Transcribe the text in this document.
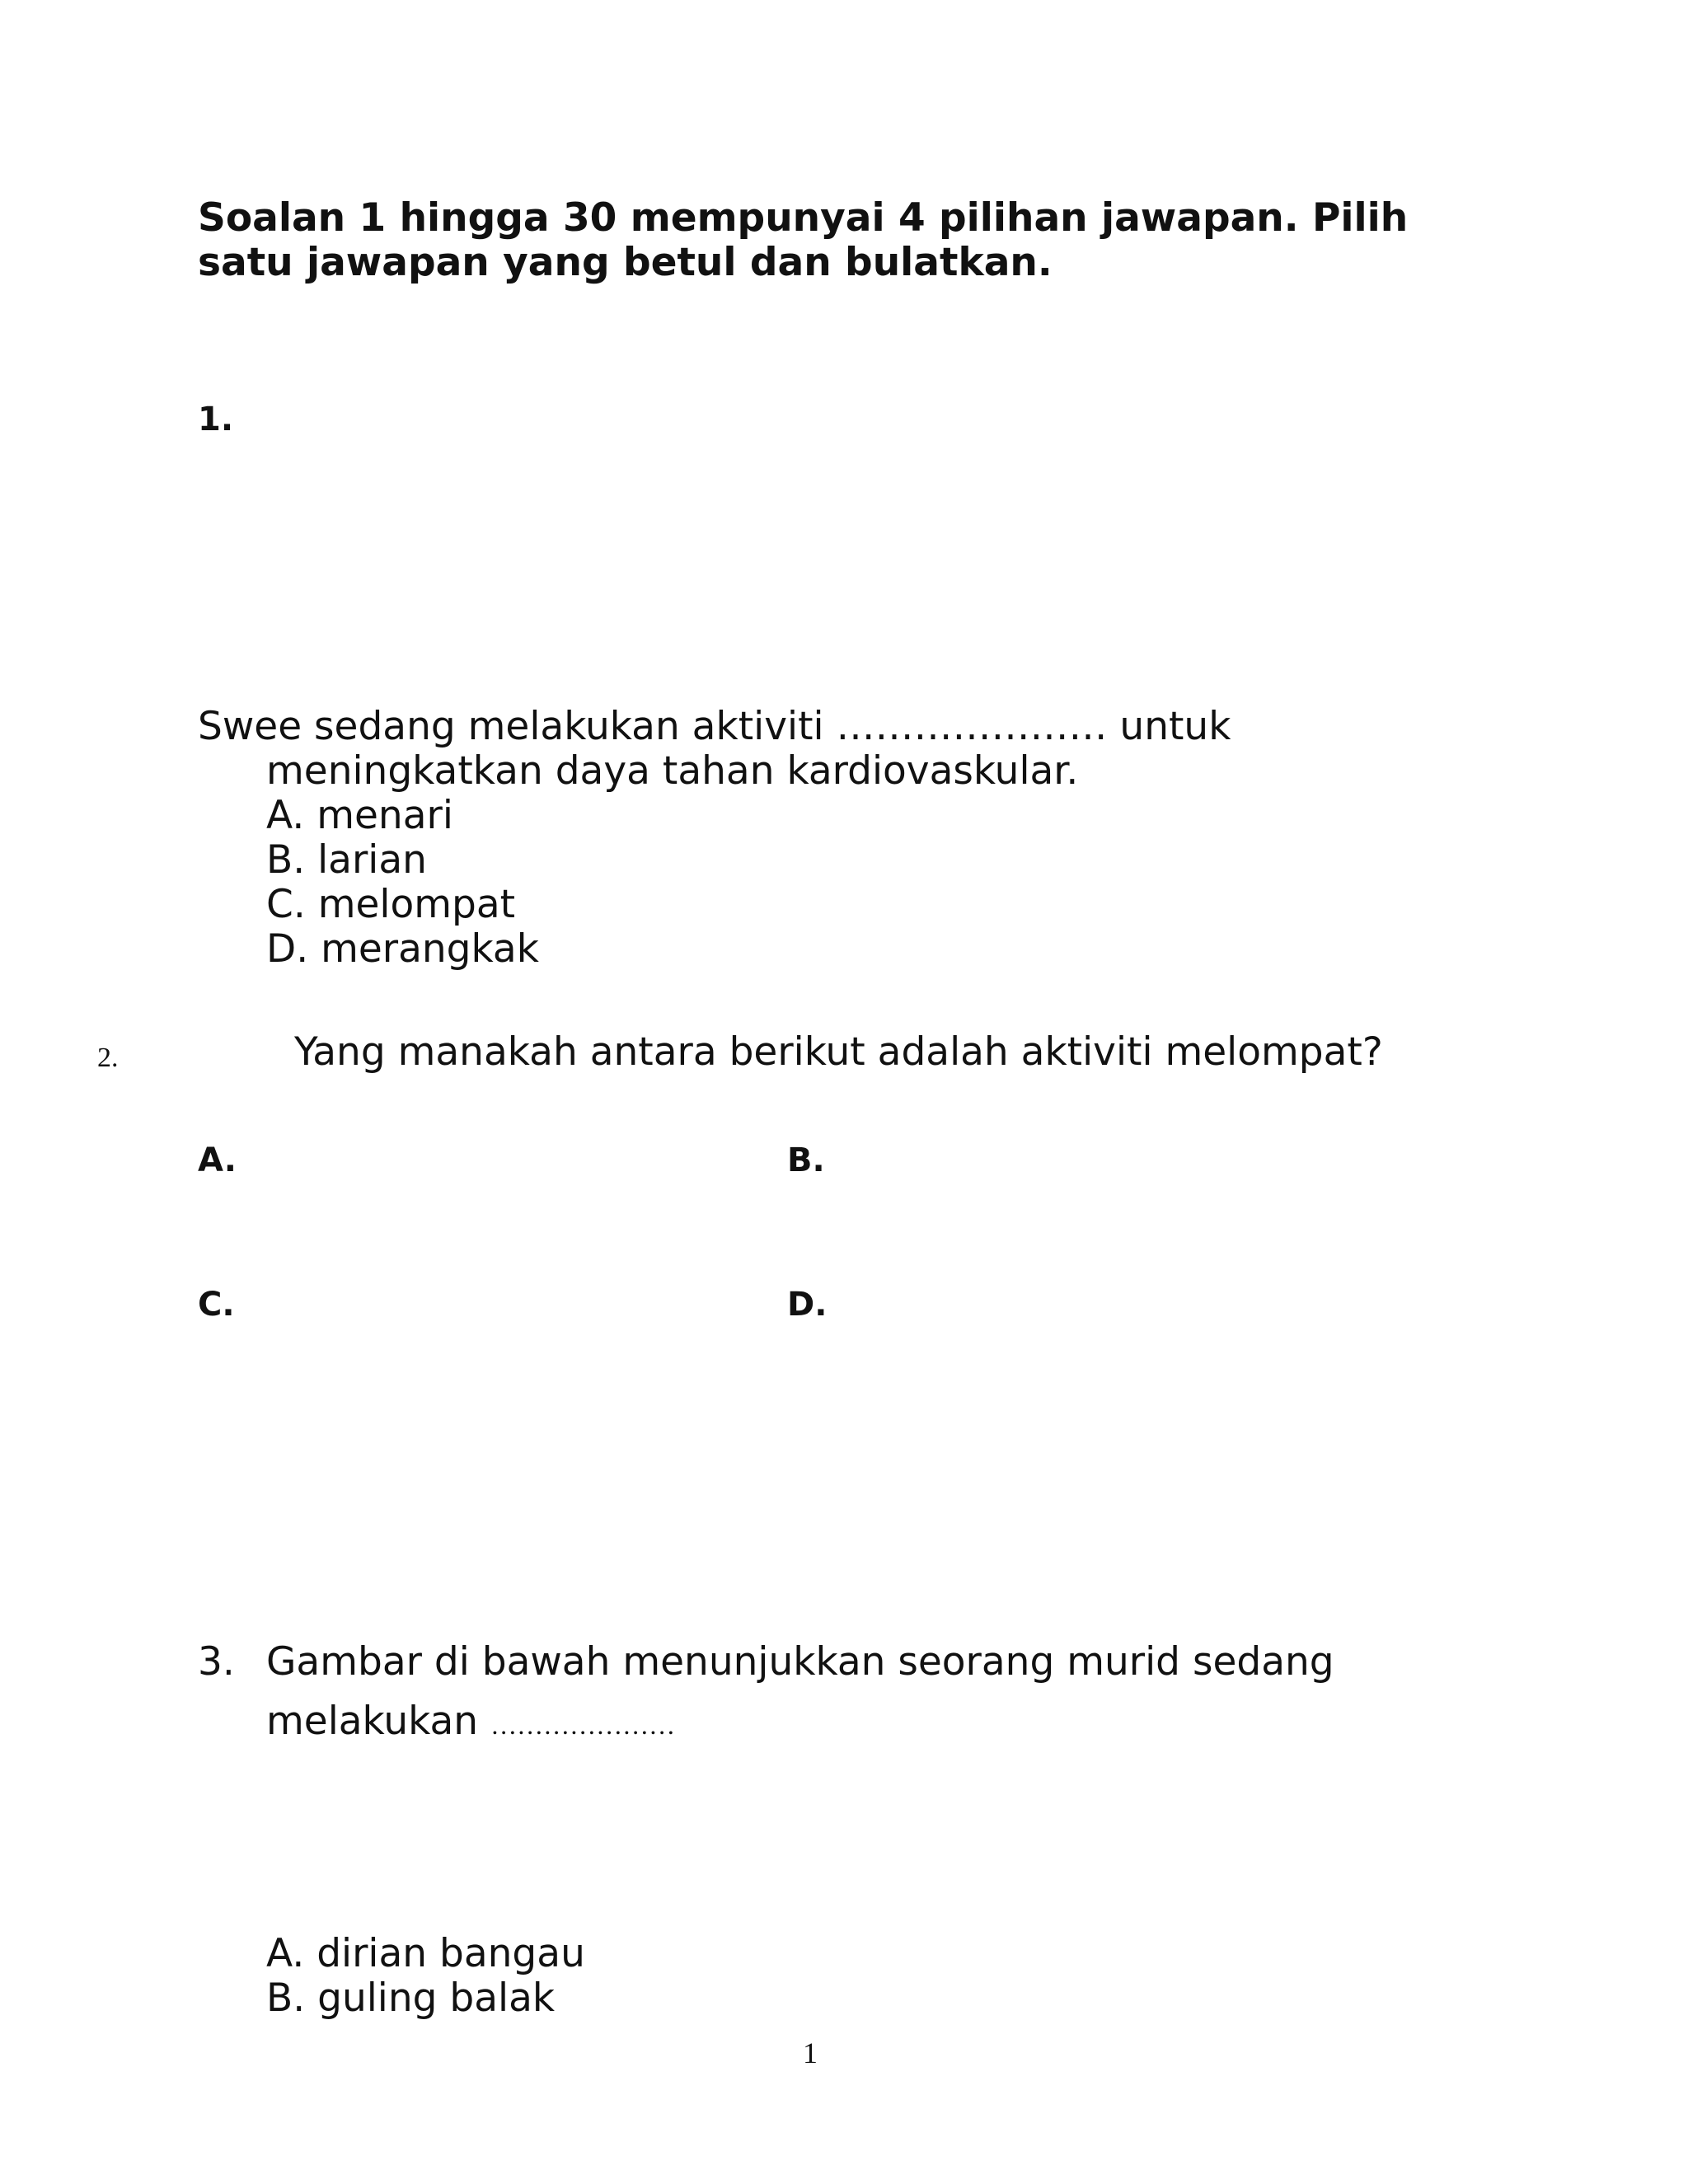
Soalan 1 hingga 30 mempunyai 4 pilihan jawapan. Pilih
satu jawapan yang betul dan bulatkan.
1.
Swee sedang melakukan aktiviti ………………… untuk
meningkatkan daya tahan kardiovaskular.
A. menari
B. larian
C. melompat
D. merangkak
2.	Yang manakah antara berikut adalah aktiviti melompat?
A.	B.
C.	D.
3. Gambar di bawah menunjukkan seorang murid sedang
melakukan …………………
A. dirian bangau
B. guling balak
1
